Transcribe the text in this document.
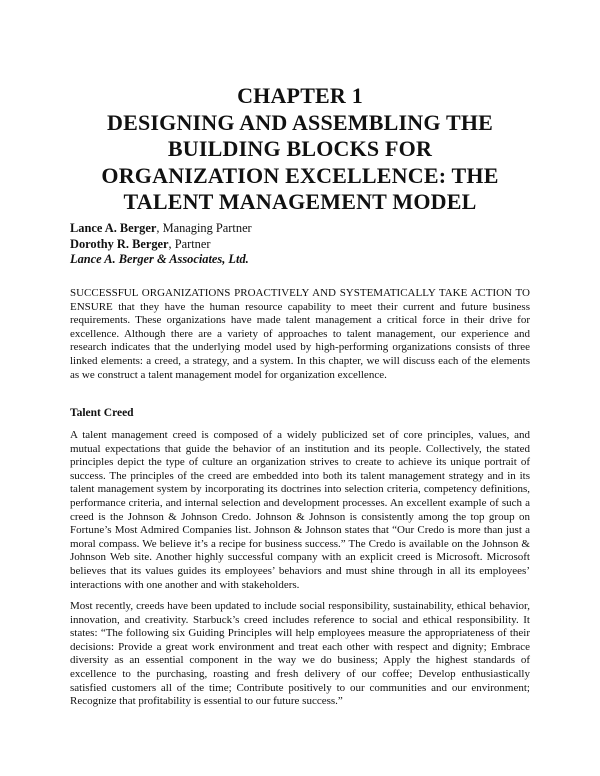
CHAPTER 1
DESIGNING AND ASSEMBLING THE
BUILDING BLOCKS FOR
ORGANIZATION EXCELLENCE: THE
TALENT MANAGEMENT MODEL
Lance A. Berger, Managing Partner
Dorothy R. Berger, Partner
Lance A. Berger & Associates, Ltd.
SUCCESSFUL ORGANIZATIONS PROACTIVELY AND SYSTEMATICALLY TAKE ACTION TO ENSURE that they have the human resource capability to meet their current and future business requirements. These organizations have made talent management a critical force in their drive for excellence. Although there are a variety of approaches to talent management, our experience and research indicates that the underlying model used by high-performing organizations consists of three linked elements: a creed, a strategy, and a system. In this chapter, we will discuss each of the elements as we construct a talent management model for organization excellence.
Talent Creed
A talent management creed is composed of a widely publicized set of core principles, values, and mutual expectations that guide the behavior of an institution and its people. Collectively, the stated principles depict the type of culture an organization strives to create to achieve its unique portrait of success. The principles of the creed are embedded into both its talent management strategy and in its talent management system by incorporating its doctrines into selection criteria, competency definitions, performance criteria, and internal selection and development processes. An excellent example of such a creed is the Johnson & Johnson Credo. Johnson & Johnson is consistently among the top group on Fortune’s Most Admired Companies list. Johnson & Johnson states that “Our Credo is more than just a moral compass. We believe it’s a recipe for business success.” The Credo is available on the Johnson & Johnson Web site. Another highly successful company with an explicit creed is Microsoft. Microsoft believes that its values guides its employees’ behaviors and must shine through in all its employees’ interactions with one another and with stakeholders.
Most recently, creeds have been updated to include social responsibility, sustainability, ethical behavior, innovation, and creativity. Starbuck’s creed includes reference to social and ethical responsibility. It states: “The following six Guiding Principles will help employees measure the appropriateness of their decisions: Provide a great work environment and treat each other with respect and dignity; Embrace diversity as an essential component in the way we do business; Apply the highest standards of excellence to the purchasing, roasting and fresh delivery of our coffee; Develop enthusiastically satisfied customers all of the time; Contribute positively to our communities and our environment; Recognize that profitability is essential to our future success.”
